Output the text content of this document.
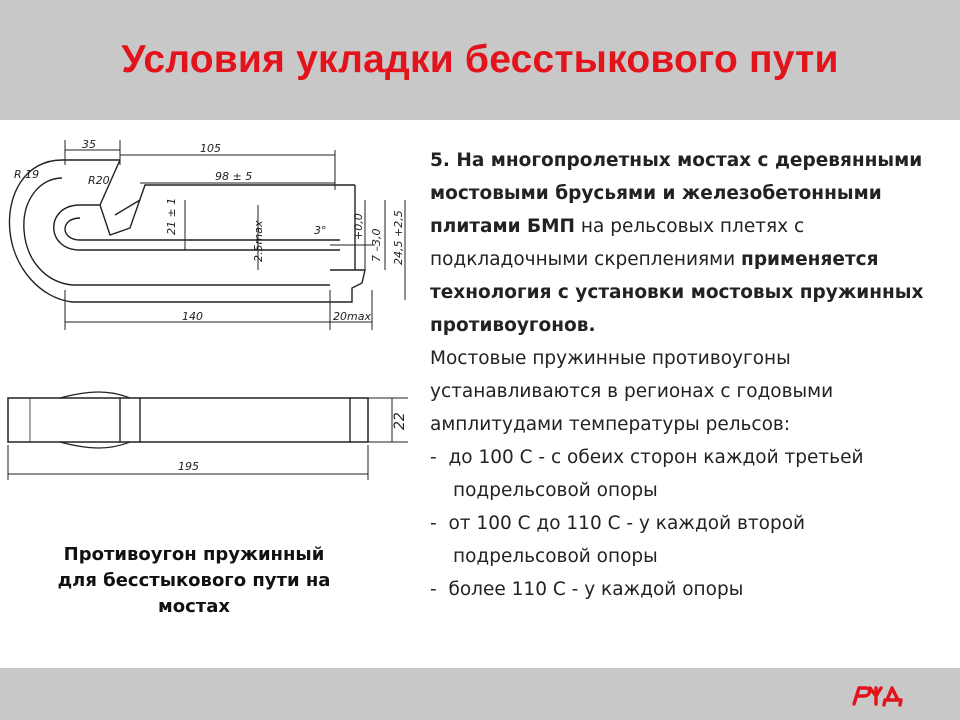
Условия укладки бесстыкового пути
35	105
98 ± 5
R 19	R20
21 ± 1
2.5max	3° +0,0
7 –3,0 24,5 +2,5
140	20max
22
195
Противоугон пружинный
для бесстыкового пути на
мостах

5. На многопролетных мостах с деревянными мостовыми брусьями и железобетонными плитами БМП на рельсовых плетях с подкладочными скреплениями применяется технология с установки мостовых пружинных противоугонов.

Мостовые пружинные противоугоны устанавливаются в регионах с годовыми амплитудами температуры рельсов:

- до 100 С - с обеих сторон каждой третьей подрельсовой опоры

- от 100 С до 110 С - у каждой второй подрельсовой опоры

- более 110 С - у каждой опоры
